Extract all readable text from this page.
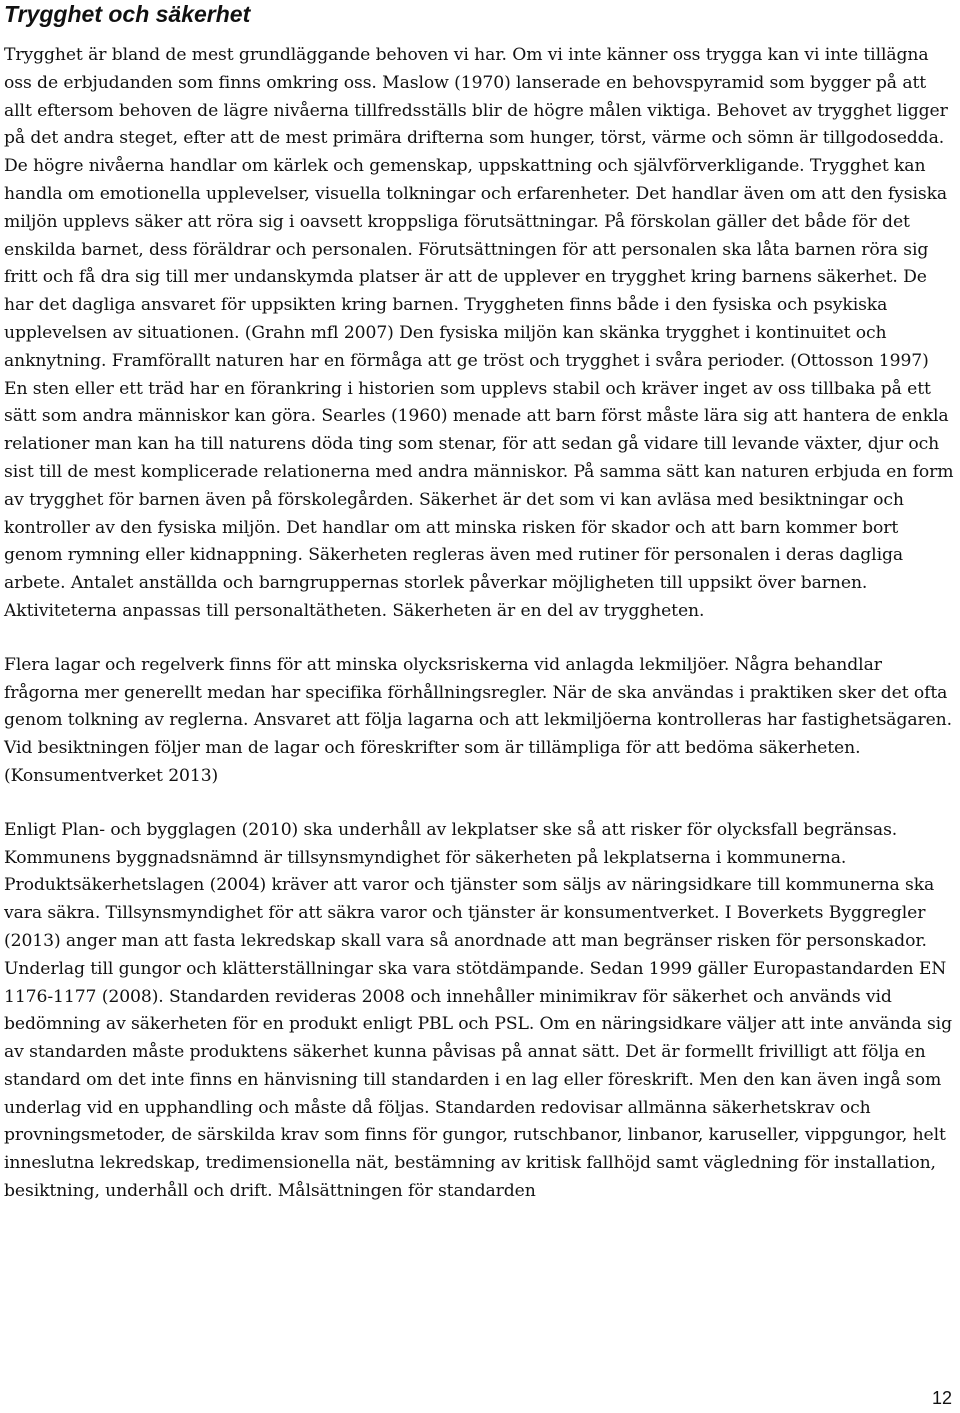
Trygghet och säkerhet

Trygghet är bland de mest grundläggande behoven vi har. Om vi inte känner oss trygga kan vi inte tillägna oss de erbjudanden som finns omkring oss. Maslow (1970) lanserade en behovspyramid som bygger på att allt eftersom behoven de lägre nivåerna tillfredsställs blir de högre målen viktiga. Behovet av trygghet ligger på det andra steget, efter att de mest primära drifterna som hunger, törst, värme och sömn är tillgodosedda. De högre nivåerna handlar om kärlek och gemenskap, uppskattning och självförverkligande. Trygghet kan handla om emotionella upplevelser, visuella tolkningar och erfarenheter. Det handlar även om att den fysiska miljön upplevs säker att röra sig i oavsett kroppsliga förutsättningar. På förskolan gäller det både för det enskilda barnet, dess föräldrar och personalen. Förutsättningen för att personalen ska låta barnen röra sig fritt och få dra sig till mer undanskymda platser är att de upplever en trygghet kring barnens säkerhet. De har det dagliga ansvaret för uppsikten kring barnen. Tryggheten finns både i den fysiska och psykiska upplevelsen av situationen. (Grahn mfl 2007) Den fysiska miljön kan skänka trygghet i kontinuitet och anknytning. Framförallt naturen har en förmåga att ge tröst och trygghet i svåra perioder. (Ottosson 1997) En sten eller ett träd har en förankring i historien som upplevs stabil och kräver inget av oss tillbaka på ett sätt som andra människor kan göra. Searles (1960) menade att barn först måste lära sig att hantera de enkla relationer man kan ha till naturens döda ting som stenar, för att sedan gå vidare till levande växter, djur och sist till de mest komplicerade relationerna med andra människor. På samma sätt kan naturen erbjuda en form av trygghet för barnen även på förskolegården. Säkerhet är det som vi kan avläsa med besiktningar och kontroller av den fysiska miljön. Det handlar om att minska risken för skador och att barn kommer bort genom rymning eller kidnappning. Säkerheten regleras även med rutiner för personalen i deras dagliga arbete. Antalet anställda och barngruppernas storlek påverkar möjligheten till uppsikt över barnen. Aktiviteterna anpassas till personaltätheten. Säkerheten är en del av tryggheten.

Flera lagar och regelverk finns för att minska olycksriskerna vid anlagda lekmiljöer. Några behandlar frågorna mer generellt medan har specifika förhållningsregler. När de ska användas i praktiken sker det ofta genom tolkning av reglerna. Ansvaret att följa lagarna och att lekmiljöerna kontrolleras har fastighetsägaren. Vid besiktningen följer man de lagar och föreskrifter som är tillämpliga för att bedöma säkerheten. (Konsumentverket 2013)

Enligt Plan- och bygglagen (2010) ska underhåll av lekplatser ske så att risker för olycksfall begränsas. Kommunens byggnadsnämnd är tillsynsmyndighet för säkerheten på lekplatserna i kommunerna. Produktsäkerhetslagen (2004) kräver att varor och tjänster som säljs av näringsidkare till kommunerna ska vara säkra. Tillsynsmyndighet för att säkra varor och tjänster är konsumentverket. I Boverkets Byggregler (2013) anger man att fasta lekredskap skall vara så anordnade att man begränser risken för personskador. Underlag till gungor och klätterställningar ska vara stötdämpande. Sedan 1999 gäller Europastandarden EN 1176-1177 (2008). Standarden revideras 2008 och innehåller minimikrav för säkerhet och används vid bedömning av säkerheten för en produkt enligt PBL och PSL. Om en näringsidkare väljer att inte använda sig av standarden måste produktens säkerhet kunna påvisas på annat sätt. Det är formellt frivilligt att följa en standard om det inte finns en hänvisning till standarden i en lag eller föreskrift. Men den kan även ingå som underlag vid en upphandling och måste då följas. Standarden redovisar allmänna säkerhetskrav och provningsmetoder, de särskilda krav som finns för gungor, rutschbanor, linbanor, karuseller, vippgungor, helt inneslutna lekredskap, tredimensionella nät, bestämning av kritisk fallhöjd samt vägledning för installation, besiktning, underhåll och drift. Målsättningen för standarden

12
